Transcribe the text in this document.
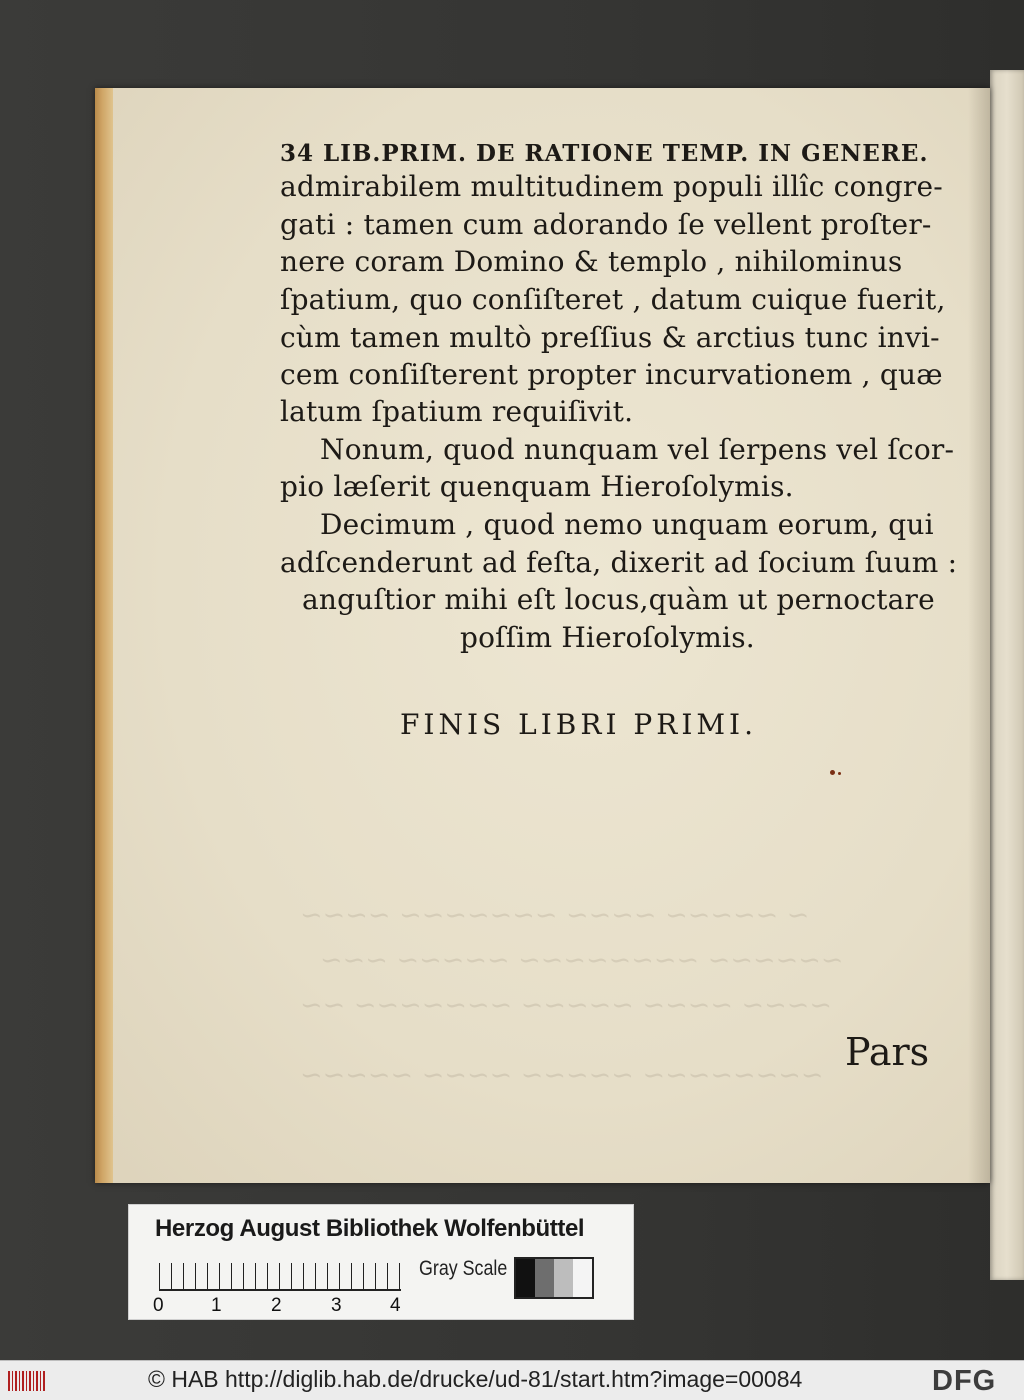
~ ~~~~~ ~~~~ ~~~~~~~ ~~~~
~~~~~~ ~~~~~~~~ ~~~~~ ~~~
~~~~ ~~~~ ~~~~~ ~~~~~~~ ~~
~~~~~~~~ ~~~~~ ~~~~ ~~~~~
34 LIB.PRIM. DE RATIONE TEMP. IN GENERE.
admirabilem multitudinem populi illîc congre-
gati : tamen cum adorando ſe vellent proſter-
nere coram Domino & templo , nihilominus
ſpatium, quo conſiſteret , datum cuique fuerit,
cùm tamen multò preſſius & arctius tunc invi-
cem conſiſterent propter incurvationem , quæ
latum ſpatium requiſivit.
Nonum, quod nunquam vel ſerpens vel ſcor-
pio læſerit quenquam Hieroſolymis.
Decimum , quod nemo unquam eorum, qui
adſcenderunt ad feſta, dixerit ad ſocium ſuum :
anguſtior mihi eſt locus,quàm ut pernoctare
poſſim Hieroſolymis.
FINIS LIBRI PRIMI.
Pars
Herzog August Bibliothek Wolfenbüttel
0 1	2	3	4
Gray Scale
© HAB http://diglib.hab.de/drucke/ud-81/start.htm?image=00084	DFG
